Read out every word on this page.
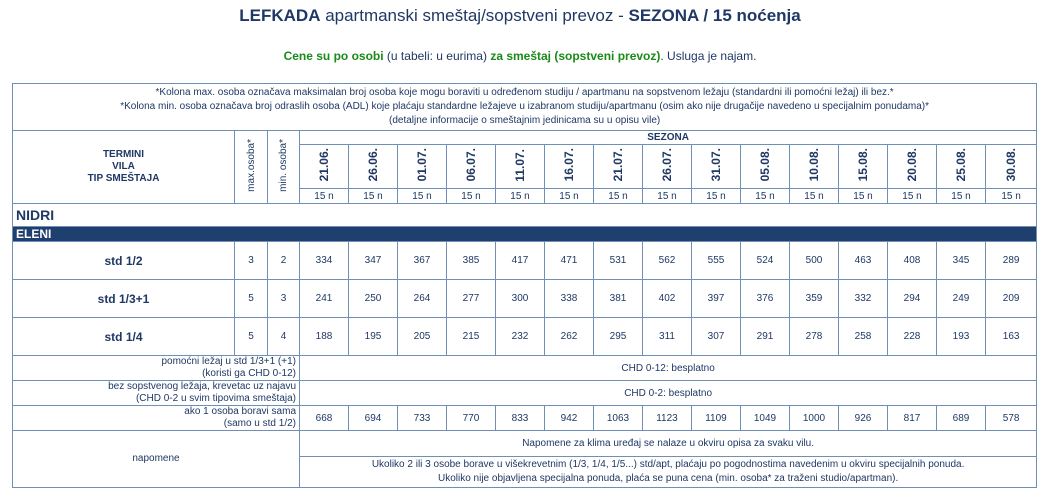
LEFKADA apartmanski smeštaj/sopstveni prevoz - SEZONA / 15 noćenja
Cene su po osobi (u tabeli: u eurima) za smeštaj (sopstveni prevoz). Usluga je najam.
*Kolona max. osoba označava maksimalan broj osoba koje mogu boraviti u određenom studiju / apartmanu na sopstvenom ležaju (standardni ili pomoćni ležaj) ili bez.*
*Kolona min. osoba označava broj odraslih osoba (ADL) koje plaćaju standardne ležajeve u izabranom studiju/apartmanu (osim ako nije drugačije navedeno u specijalnim ponudama)*
(detaljne informacije o smeštajnim jedinicama su u opisu vile)																	

TERMINI
VILA
TIP SMEŠTAJA	max.osoba*	min. osoba*	SEZONA														
			21.06.	26.06.	01.07.	06.07.	11.07.	16.07.	21.07.	26.07.	31.07.	05.08.	10.08.	15.08.	20.08.	25.08.	30.08.
			15 n	15 n	15 n	15 n	15 n	15 n	15 n	15 n	15 n	15 n	15 n	15 n	15 n	15 n	15 n
NIDRI																	
ELENI																	
std 1/2	3	2	334	347	367	385	417	471	531	562	555	524	500	463	408	345	289
std 1/3+1	5	3	241	250	264	277	300	338	381	402	397	376	359	332	294	249	209
std 1/4	5	4	188	195	205	215	232	262	295	311	307	291	278	258	228	193	163

pomoćni ležaj u std 1/3+1 (+1)
(koristi ga CHD 0-12)			CHD 0-12: besplatno														

bez sopstvenog ležaja, krevetac uz najavu
(CHD 0-2 u svim tipovima smeštaja)			CHD 0-2: besplatno														

ako 1 osoba boravi sama
(samo u std 1/2)			668	694	733	770	833	942	1063	1123	1109	1049	1000	926	817	689	578
napomene			Napomene za klima uređaj se nalaze u okviru opisa za svaku vilu.														

			Ukoliko 2 ili 3 osobe borave u višekrevetnim (1/3, 1/4, 1/5...) std/apt, plaćaju po pogodnostima navedenim u okviru specijalnih ponuda.
Ukoliko nije objavljena specijalna ponuda, plaća se puna cena (min. osoba* za traženi studio/apartman).														
